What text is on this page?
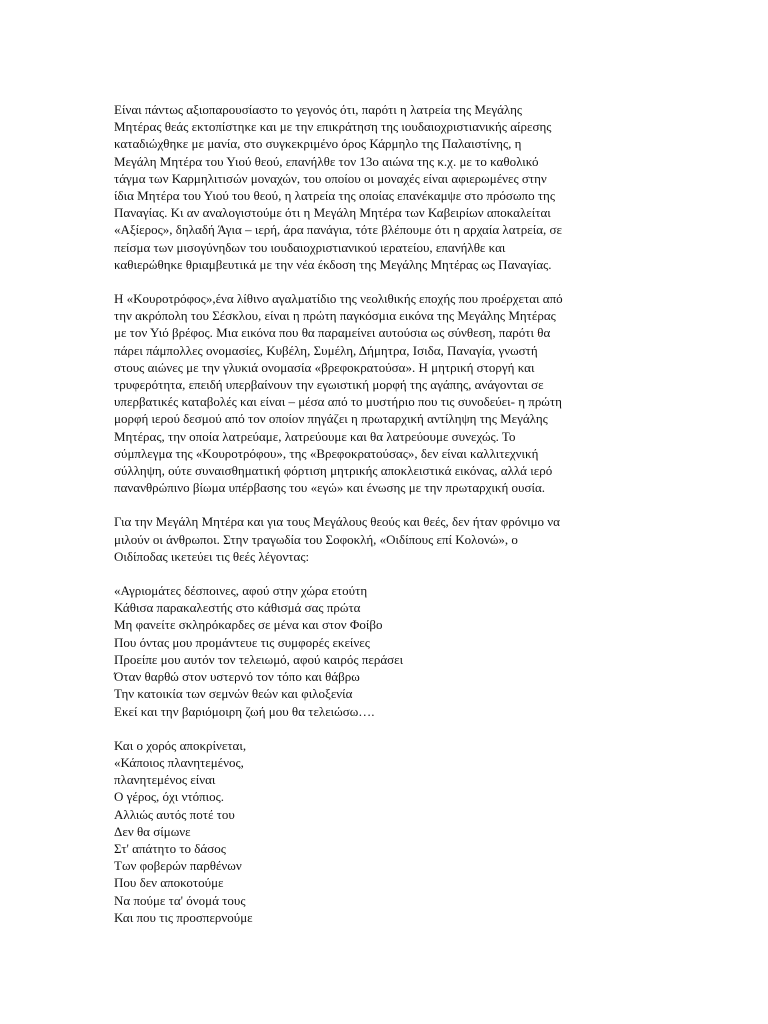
Είναι πάντως αξιοπαρουσίαστο το γεγονός ότι, παρότι η λατρεία της Μεγάλης
Μητέρας θεάς εκτοπίστηκε και με την επικράτηση της ιουδαιοχριστιανικής αίρεσης
καταδιώχθηκε με μανία, στο συγκεκριμένο όρος Κάρμηλο της Παλαιστίνης, η
Μεγάλη Μητέρα του Υιού θεού, επανήλθε τον 13ο αιώνα της κ.χ. με το καθολικό
τάγμα των Καρμηλιτισών μοναχών, του οποίου οι μοναχές είναι αφιερωμένες στην
ίδια Μητέρα του Υιού του θεού, η λατρεία της οποίας επανέκαμψε στο πρόσωπο της
Παναγίας. Κι αν αναλογιστούμε ότι η Μεγάλη Μητέρα των Καβειρίων αποκαλείται
«Αξίερος», δηλαδή Άγια – ιερή, άρα πανάγια, τότε βλέπουμε ότι η αρχαία λατρεία, σε
πείσμα των μισογύνηδων του ιουδαιοχριστιανικού ιερατείου, επανήλθε και
καθιερώθηκε θριαμβευτικά με την νέα έκδοση της Μεγάλης Μητέρας ως Παναγίας.
Η «Κουροτρόφος»,ένα λίθινο αγαλματίδιο της νεολιθικής εποχής που προέρχεται από
την ακρόπολη του Σέσκλου, είναι η πρώτη παγκόσμια εικόνα της Μεγάλης Μητέρας
με τον Υιό βρέφος. Μια εικόνα που θα παραμείνει αυτούσια ως σύνθεση, παρότι θα
πάρει πάμπολλες ονομασίες, Κυβέλη, Συμέλη, Δήμητρα, Ισιδα, Παναγία, γνωστή
στους αιώνες με την γλυκιά ονομασία «βρεφοκρατούσα». Η μητρική στοργή και
τρυφερότητα, επειδή υπερβαίνουν την εγωιστική μορφή της αγάπης, ανάγονται σε
υπερβατικές καταβολές και είναι – μέσα από το μυστήριο που τις συνοδεύει- η πρώτη
μορφή ιερού δεσμού από τον οποίον πηγάζει η πρωταρχική αντίληψη της Μεγάλης
Μητέρας, την οποία λατρεύαμε, λατρεύουμε και θα λατρεύουμε συνεχώς. Το
σύμπλεγμα της «Κουροτρόφου», της «Βρεφοκρατούσας», δεν είναι καλλιτεχνική
σύλληψη, ούτε συναισθηματική φόρτιση μητρικής αποκλειστικά εικόνας, αλλά ιερό
πανανθρώπινο βίωμα υπέρβασης του «εγώ» και ένωσης με την πρωταρχική ουσία.
Για την Μεγάλη Μητέρα και για τους Μεγάλους θεούς και θεές, δεν ήταν φρόνιμο να
μιλούν οι άνθρωποι. Στην τραγωδία του Σοφοκλή, «Οιδίπους επί Κολονώ», ο
Οιδίποδας ικετεύει τις θεές λέγοντας:
«Αγριομάτες δέσποινες, αφού στην χώρα ετούτη
Κάθισα παρακαλεστής στο κάθισμά σας πρώτα
Μη φανείτε σκληρόκαρδες σε μένα και στον Φοίβο
Που όντας μου προμάντευε τις συμφορές εκείνες
Προείπε μου αυτόν τον τελειωμό, αφού καιρός περάσει
Όταν θαρθώ στον υστερνό τον τόπο και θάβρω
Την κατοικία των σεμνών θεών και φιλοξενία
Εκεί και την βαριόμοιρη ζωή μου θα τελειώσω….
Και ο χορός αποκρίνεται,
«Κάποιος πλανητεμένος,
πλανητεμένος είναι
Ο γέρος, όχι ντόπιος.
Αλλιώς αυτός ποτέ του
Δεν θα σίμωνε
Στ' απάτητο το δάσος
Των φοβερών παρθένων
Που δεν αποκοτούμε
Να πούμε τα' όνομά τους
Και που τις προσπερνούμε
